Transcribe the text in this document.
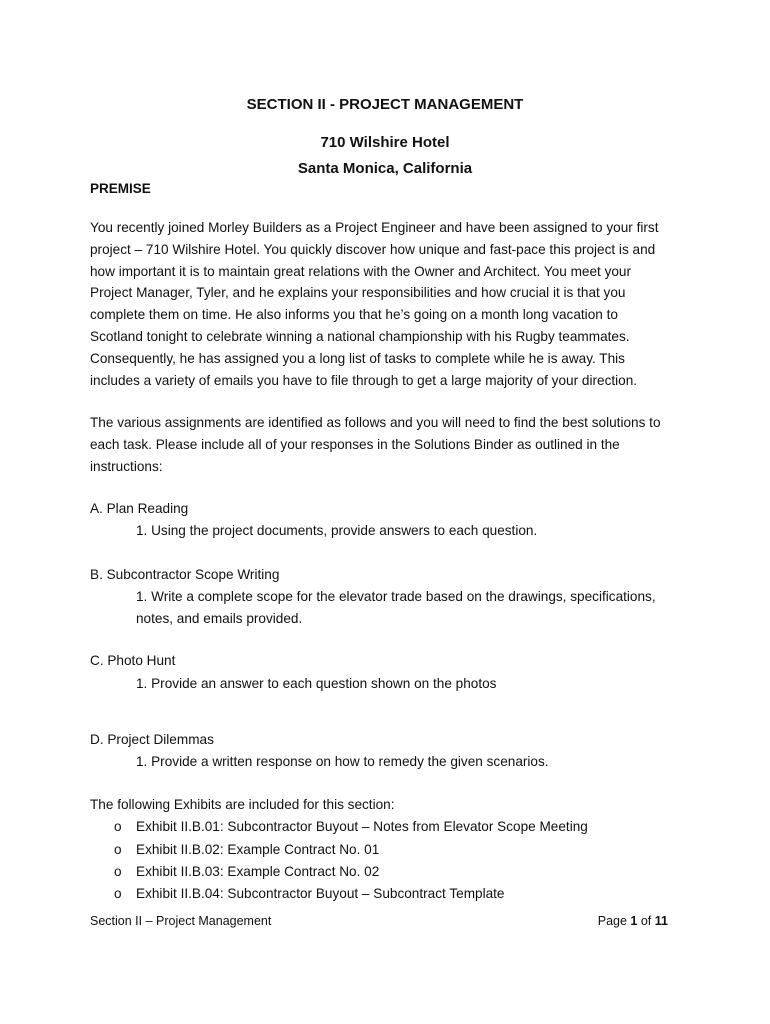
SECTION II - PROJECT MANAGEMENT
710 Wilshire Hotel
Santa Monica, California
PREMISE
You recently joined Morley Builders as a Project Engineer and have been assigned to your first
project – 710 Wilshire Hotel. You quickly discover how unique and fast-pace this project is and
how important it is to maintain great relations with the Owner and Architect. You meet your
Project Manager, Tyler, and he explains your responsibilities and how crucial it is that you
complete them on time. He also informs you that he’s going on a month long vacation to
Scotland tonight to celebrate winning a national championship with his Rugby teammates.
Consequently, he has assigned you a long list of tasks to complete while he is away. This
includes a variety of emails you have to file through to get a large majority of your direction.
The various assignments are identified as follows and you will need to find the best solutions to
each task. Please include all of your responses in the Solutions Binder as outlined in the
instructions:
A. Plan Reading
1. Using the project documents, provide answers to each question.
B. Subcontractor Scope Writing
1. Write a complete scope for the elevator trade based on the drawings, specifications,
notes, and emails provided.
C. Photo Hunt
1. Provide an answer to each question shown on the photos
D. Project Dilemmas
1. Provide a written response on how to remedy the given scenarios.
The following Exhibits are included for this section:
o	Exhibit II.B.01: Subcontractor Buyout – Notes from Elevator Scope Meeting
o	Exhibit II.B.02: Example Contract No. 01
o	Exhibit II.B.03: Example Contract No. 02
o	Exhibit II.B.04: Subcontractor Buyout – Subcontract Template
Section II – Project Management	Page 1 of 11
